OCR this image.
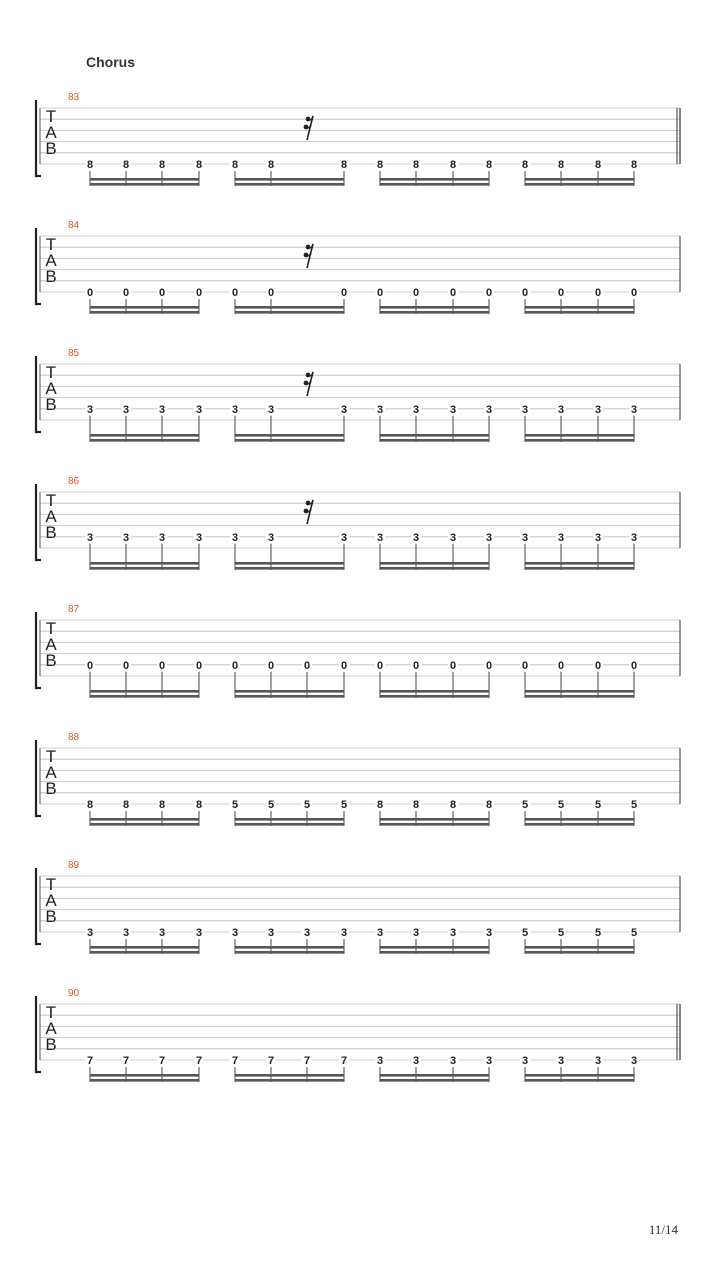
Chorus
83
T
A
B
8	8	8	8	8	8	8	8	8	8	8	8	8	8	8
84
T
A
B
0	0	0	0	0	0	0	0	0	0	0	0	0	0	0
85
T
A
B	3	3	3	3	3	3	3	3	3	3	3	3	3	3	3
86
T
A
B	3	3	3	3	3	3	3	3	3	3	3	3	3	3	3
87
T
A
B	0	0	0	0	0	0	0	0	0	0	0	0	0	0	0	0
88
T
A
B
8	8	8	8	5	5	5	5	8	8	8	8	5	5	5	5
89
T
A
B
3	3	3	3	3	3	3	3	3	3	3	3	5	5	5	5
90
T
A
B
7	7	7	7	7	7	7	7	3	3	3	3	3	3	3	3
11/14
